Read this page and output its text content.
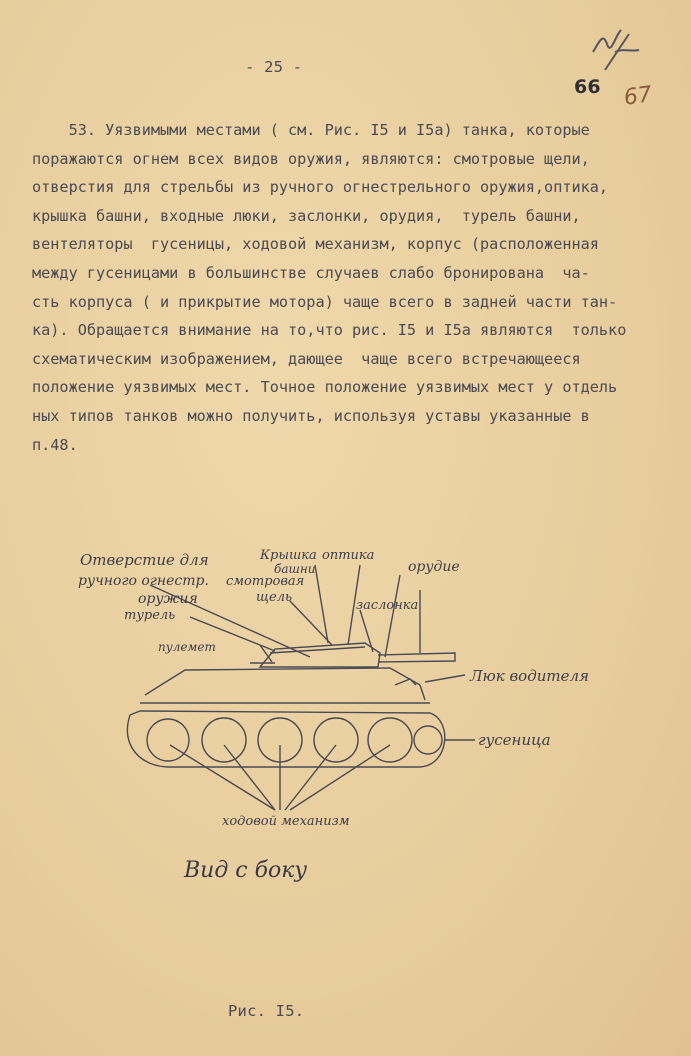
- 25 -
66 67
53. Уязвимыми местами ( см. Рис. I5 и I5а) танка, которые
поражаются огнем всех видов оружия, являются: смотровые щели,
отверстия для стрельбы из ручного огнестрельного оружия,оптика,
крышка башни, входные люки, заслонки, орудия,  турель башни,
вентеляторы  гусеницы, ходовой механизм, корпус (расположенная
между гусеницами в большинстве случаев слабо бронирована  ча-
сть корпуса ( и прикрытие мотора) чаще всего в задней части тан-
ка). Обращается внимание на то,что рис. I5 и I5а являются  только
схематическим изображением, дающее  чаще всего встречающееся
положение уязвимых мест. Точное положение уязвимых мест у отдель
ных типов танков можно получить, используя уставы указанные в
п.48.
Отверстие для
ручного огнестр.
оружия
турель
пулемет
смотровая
щель
Крышка
башни
оптика
орудие
заслонка
Люк водителя
гусеница
ходовой механизм
Вид с боку
Рис. I5.
